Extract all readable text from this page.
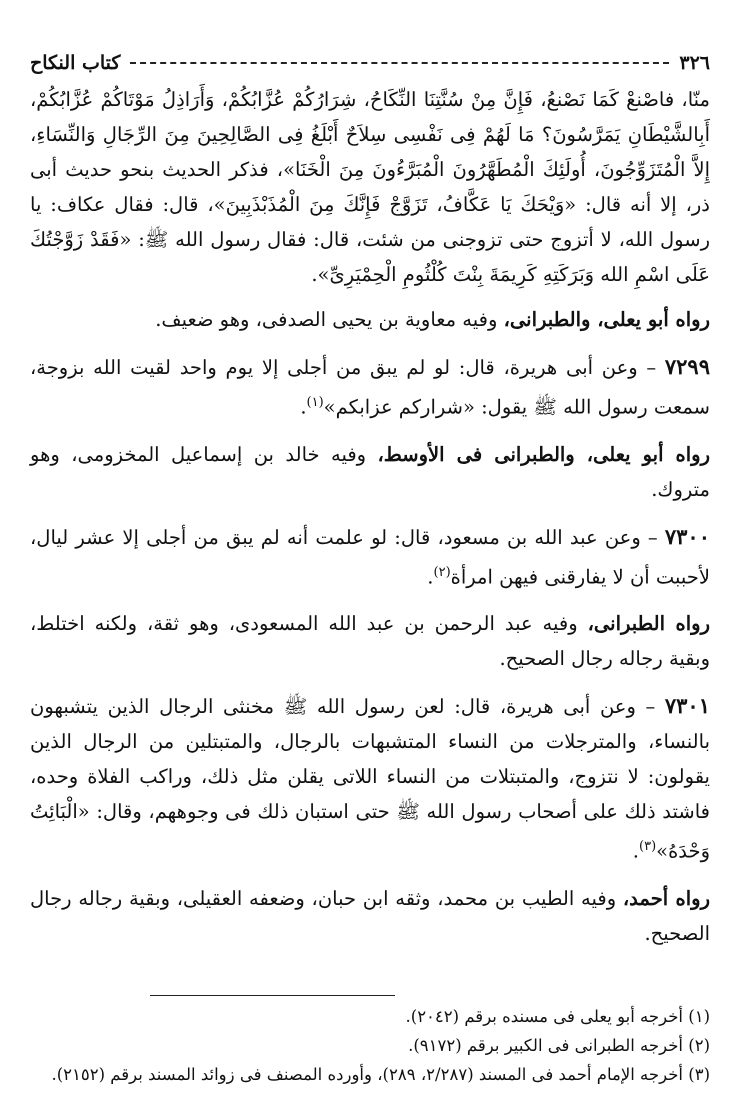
٣٢٦
كتاب النكاح

منّا، فاصْنعْ كَمَا نَصْنعُ، فَإِنَّ مِنْ سُنَّتِنَا النِّكَاحُ، شِرَارُكُمْ عُزَّابُكُمْ، وَأَرَاذِلُ مَوْتَاكُمْ عُزَّابُكُمْ، أَبِالشَّيْطَانِ يَمَرَّسُونَ؟ مَا لَهُمْ فِى نَفْسِى سِلاَحٌ أَبْلَغُ فِى الصَّالِحِينَ مِنَ الرِّجَالِ وَالنِّسَاءِ، إِلاَّ الْمُتَزَوِّجُونَ، أُولَئِكَ الْمُطَهَّرُونَ الْمُبَرَّءُونَ مِنَ الْخَنَا»، فذكر الحديث بنحو حديث أبى ذر، إلا أنه قال: «وَيْحَكَ يَا عَكَّافُ، تَزَوَّجْ فَإِنَّكَ مِنَ الْمُذَبْذَبِينَ»، قال: فقال عكاف: يا رسول الله، لا أتزوج حتى تزوجنى من شئت، قال: فقال رسول الله ﷺ: «فَقَدْ زَوَّجْتُكَ عَلَى اسْمِ الله وَبَرَكَتِهِ كَرِيمَةَ بِنْتَ كُلْثُومِ الْحِمْيَرِىِّ».

رواه أبو يعلى، والطبرانى، وفيه معاوية بن يحيى الصدفى، وهو ضعيف.

٧٢٩٩ – وعن أبى هريرة، قال: لو لم يبق من أجلى إلا يوم واحد لقيت الله بزوجة، سمعت رسول الله ﷺ يقول: «شراركم عزابكم»$^{(١)}$.

رواه أبو يعلى، والطبرانى فى الأوسط، وفيه خالد بن إسماعيل المخزومى، وهو متروك.

٧٣٠٠ – وعن عبد الله بن مسعود، قال: لو علمت أنه لم يبق من أجلى إلا عشر ليال، لأحببت أن لا يفارقنى فيهن امرأة$^{(٢)}$.

رواه الطبرانى، وفيه عبد الرحمن بن عبد الله المسعودى، وهو ثقة، ولكنه اختلط، وبقية رجاله رجال الصحيح.

٧٣٠١ – وعن أبى هريرة، قال: لعن رسول الله ﷺ مخنثى الرجال الذين يتشبهون بالنساء، والمترجلات من النساء المتشبهات بالرجال، والمتبتلين من الرجال الذين يقولون: لا نتزوج، والمتبتلات من النساء اللاتى يقلن مثل ذلك، وراكب الفلاة وحده، فاشتد ذلك على أصحاب رسول الله ﷺ حتى استبان ذلك فى وجوههم، وقال: «الْبَائِتُ وَحْدَهُ»$^{(٣)}$.

رواه أحمد، وفيه الطيب بن محمد، وثقه ابن حبان، وضعفه العقيلى، وبقية رجاله رجال الصحيح.

(١) أخرجه أبو يعلى فى مسنده برقم (٢٠٤٢).

(٢) أخرجه الطبرانى فى الكبير برقم (٩١٧٢).

(٣) أخرجه الإمام أحمد فى المسند (٢/٢٨٧، ٢٨٩)، وأورده المصنف فى زوائد المسند برقم (٢١٥٢).
